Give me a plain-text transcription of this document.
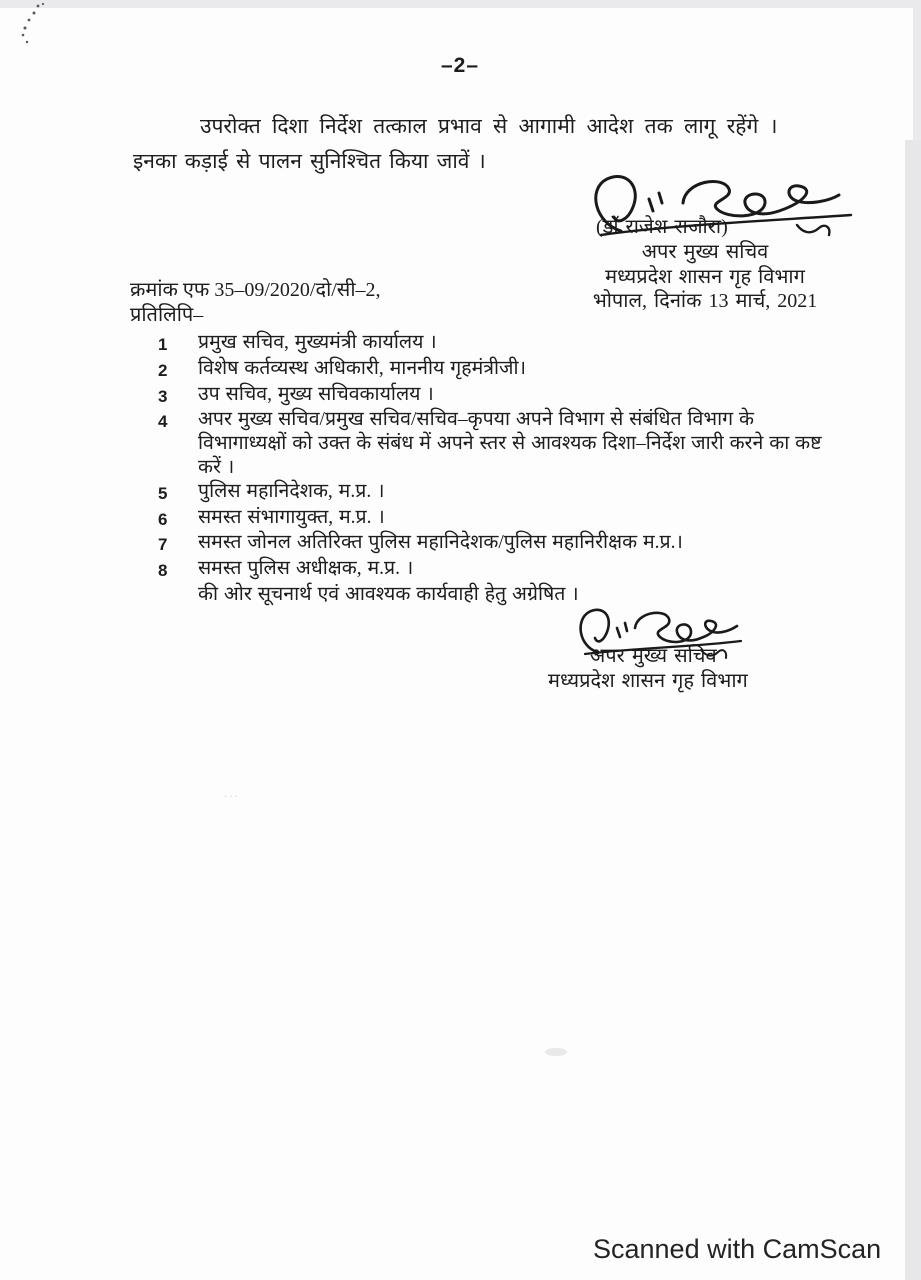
–2–
उपरोक्त दिशा निर्देश तत्काल प्रभाव से आगामी आदेश तक लागू रहेंगे ।
इनका कड़ाई से पालन सुनिश्चित किया जावें ।
(डॉ राजेश राजौरा)
अपर मुख्य सचिव
मध्यप्रदेश शासन गृह विभाग
भोपाल, दिनांक 13 मार्च, 2021
क्रमांक एफ 35–09/2020/दो/सी–2,
प्रतिलिपि–
1	प्रमुख सचिव, मुख्यमंत्री कार्यालय ।
2	विशेष कर्तव्यस्थ अधिकारी, माननीय गृहमंत्रीजी।
3	उप सचिव, मुख्य सचिवकार्यालय ।
4	अपर मुख्य सचिव/प्रमुख सचिव/सचिव–कृपया अपने विभाग से संबंधित विभाग के विभागाध्यक्षों को उक्त के संबंध में अपने स्तर से आवश्यक दिशा–निर्देश जारी करने का कष्ट करें ।
5	पुलिस महानिदेशक, म.प्र. ।
6	समस्त संभागायुक्त, म.प्र. ।
7	समस्त जोनल अतिरिक्त पुलिस महानिदेशक/पुलिस महानिरीक्षक म.प्र.।
8	समस्त पुलिस अधीक्षक, म.प्र. ।
की ओर सूचनार्थ एवं आवश्यक कार्यवाही हेतु अग्रेषित ।
अपर मुख्य सचिव
मध्यप्रदेश शासन गृह विभाग
···
Scanned with CamScan
